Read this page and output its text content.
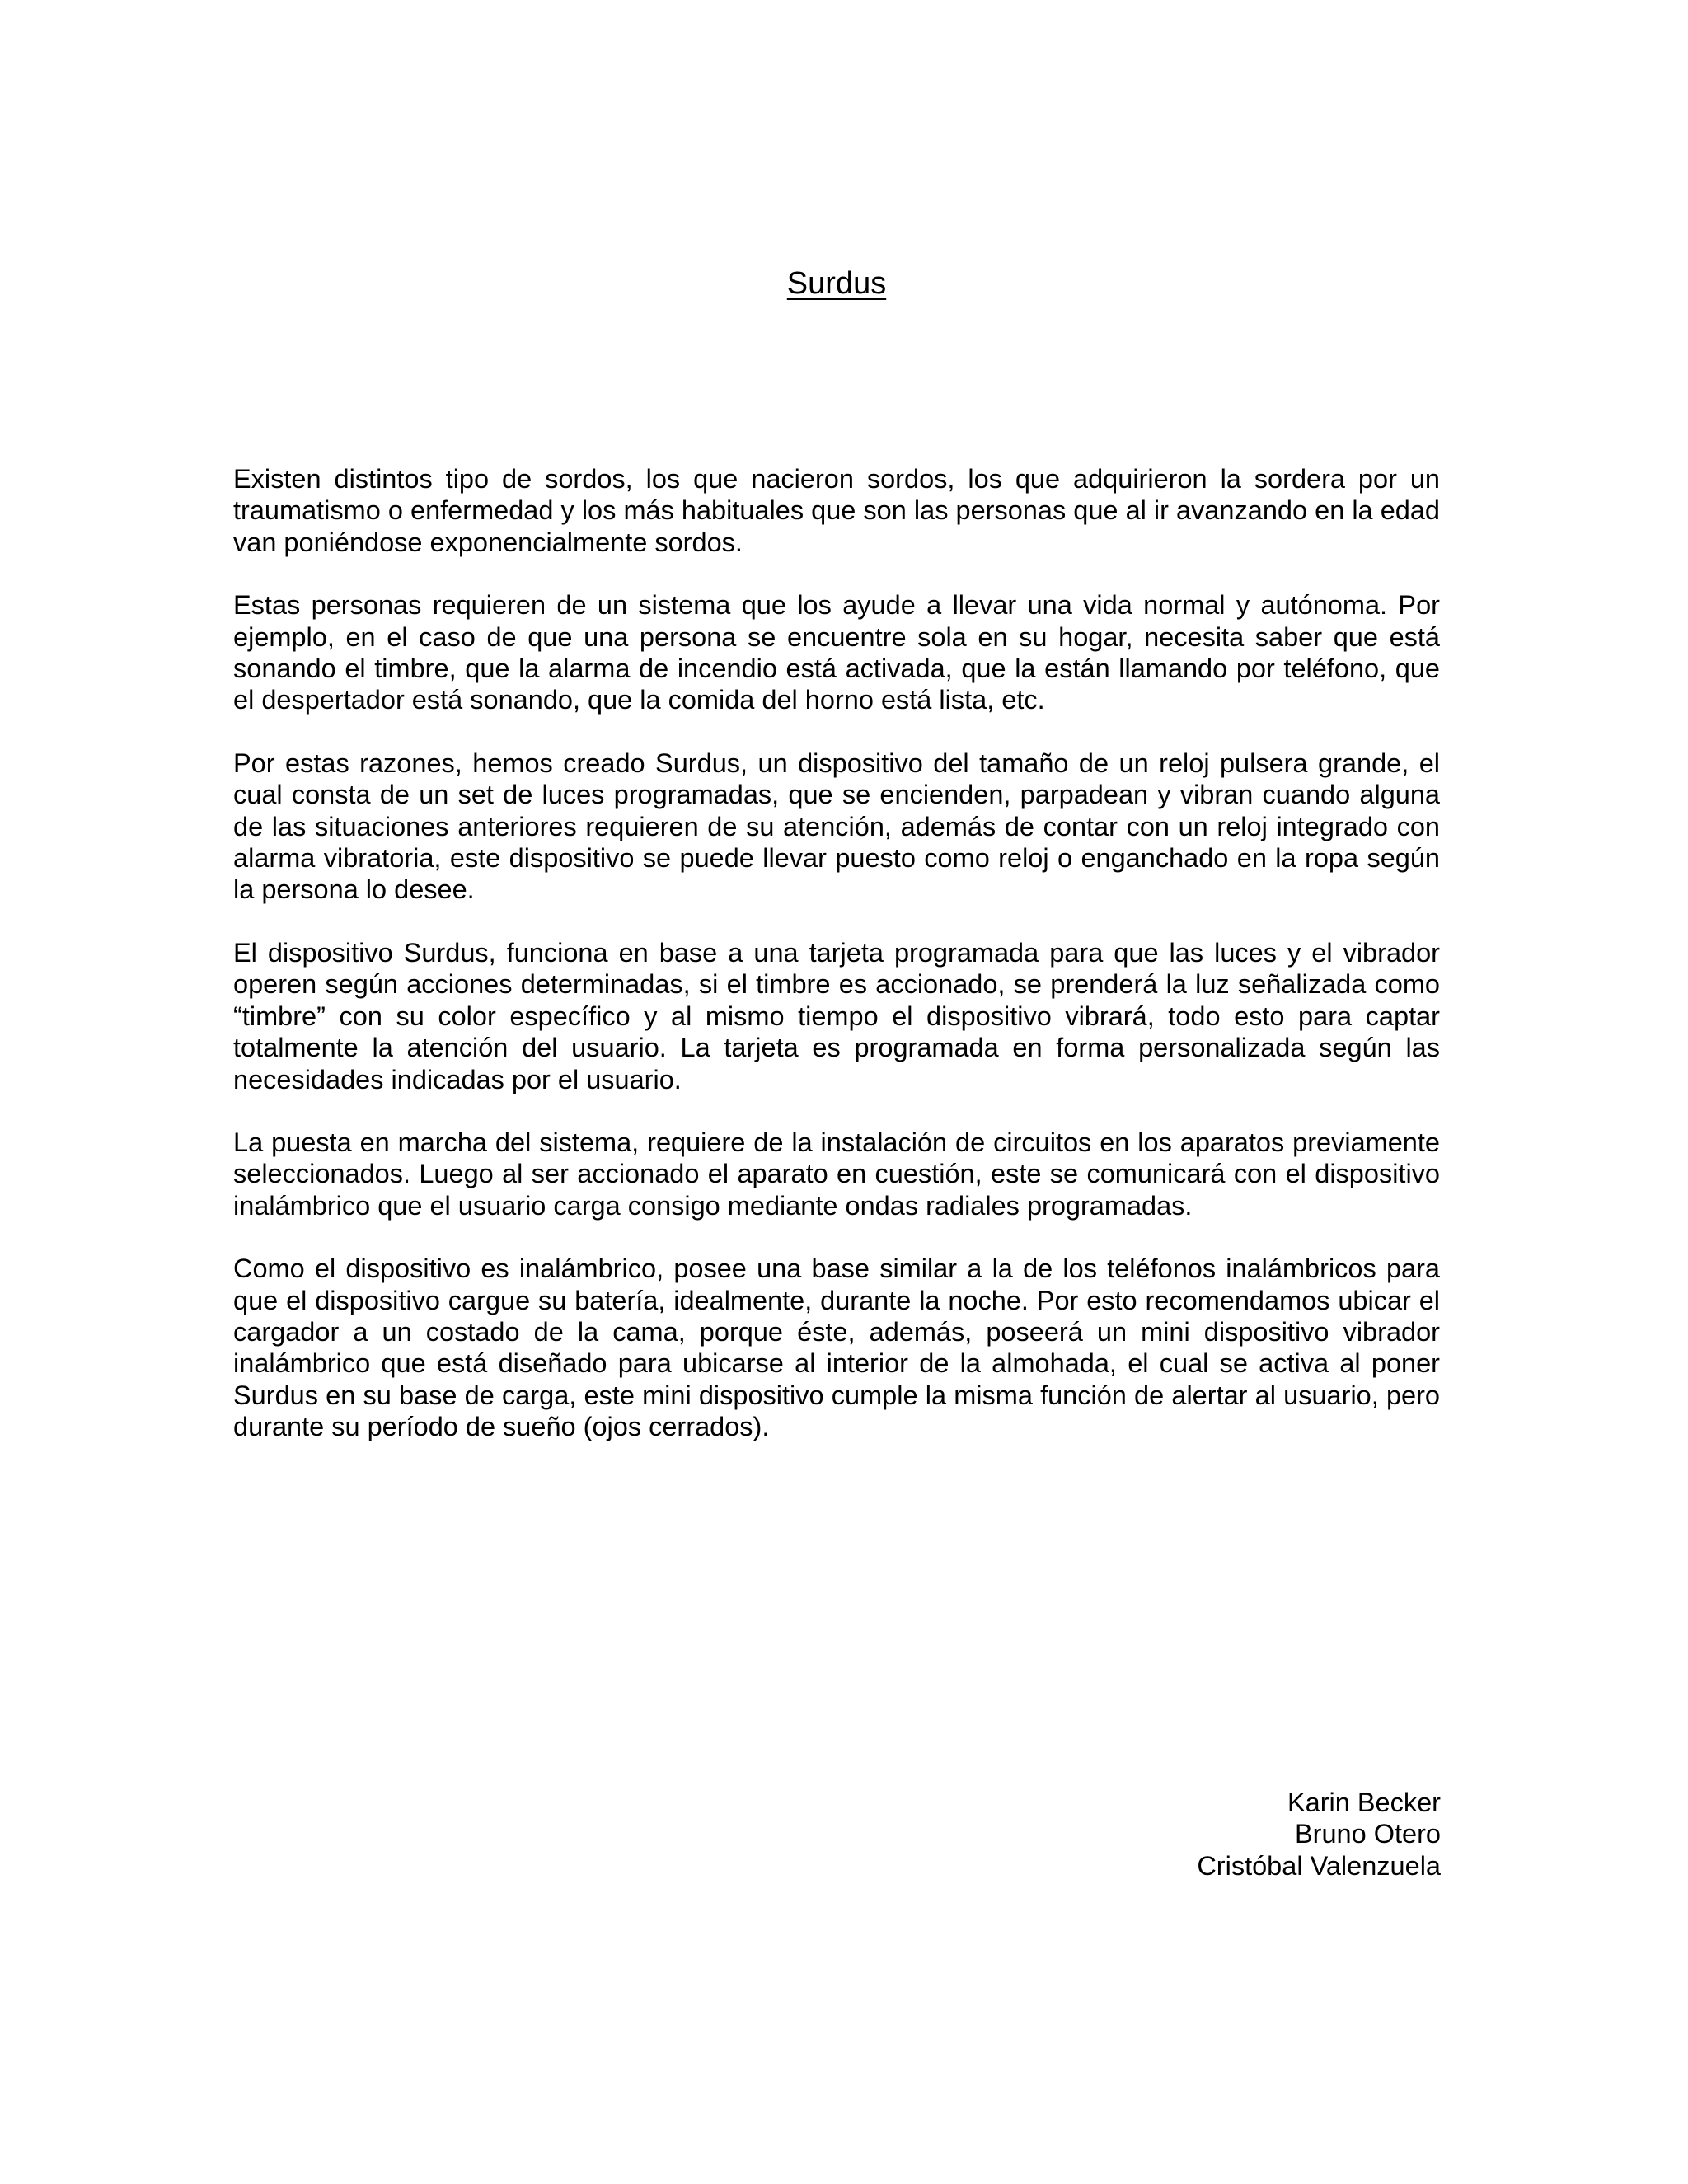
Surdus

Existen distintos tipo de sordos, los que nacieron sordos, los que adquirieron la sordera por un traumatismo o enfermedad y los más habituales que son las personas que al ir avanzando en la edad van poniéndose exponencialmente sordos.

Estas personas requieren de un sistema que los ayude a llevar una vida normal y autónoma. Por ejemplo, en el caso de que una persona se encuentre sola en su hogar, necesita saber que está sonando el timbre, que la alarma de incendio está activada, que la están llamando por teléfono, que el despertador está sonando, que la comida del horno está lista, etc.

Por estas razones, hemos creado Surdus, un dispositivo del tamaño de un reloj pulsera grande, el cual consta de un set de luces programadas, que se encienden, parpadean y vibran cuando alguna de las situaciones anteriores requieren de su atención, además de contar con un reloj integrado con alarma vibratoria, este dispositivo se puede llevar puesto como reloj o enganchado en la ropa según la persona lo desee.

El dispositivo Surdus, funciona en base a una tarjeta programada para que las luces y el vibrador operen según acciones determinadas, si el timbre es accionado, se prenderá la luz señalizada como “timbre” con su color específico y al mismo tiempo el dispositivo vibrará, todo esto para captar totalmente la atención del usuario. La tarjeta es programada en forma personalizada según las necesidades indicadas por el usuario.

La puesta en marcha del sistema, requiere de la instalación de circuitos en los aparatos previamente seleccionados. Luego al ser accionado el aparato en cuestión, este se comunicará con el dispositivo inalámbrico que el usuario carga consigo mediante ondas radiales programadas.

Como el dispositivo es inalámbrico, posee una base similar a la de los teléfonos inalámbricos para que el dispositivo cargue su batería, idealmente, durante la noche. Por esto recomendamos ubicar el cargador a un costado de la cama, porque éste, además, poseerá un mini dispositivo vibrador inalámbrico que está diseñado para ubicarse al interior de la almohada, el cual se activa al poner Surdus en su base de carga, este mini dispositivo cumple la misma función de alertar al usuario, pero durante su período de sueño (ojos cerrados).

Karin Becker
Bruno Otero
Cristóbal Valenzuela
